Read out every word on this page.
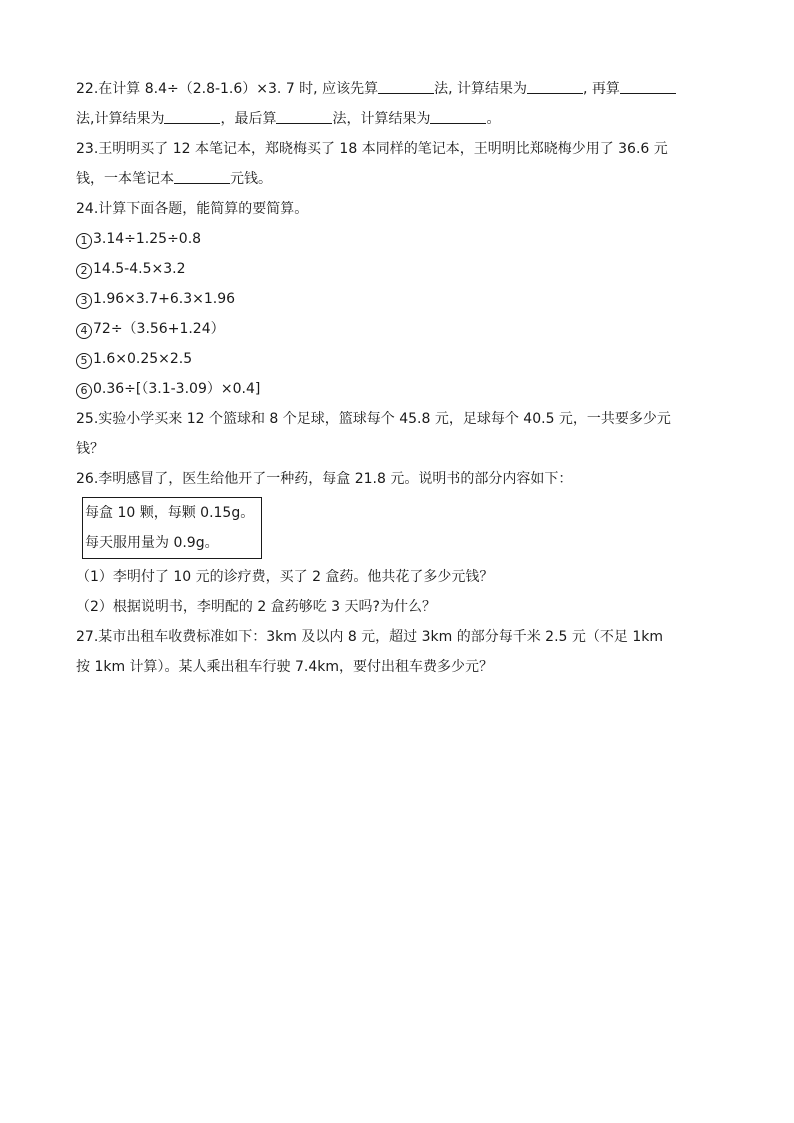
22.在计算 8.4÷（2.8-1.6）×3. 7 时, 应该先算	法, 计算结果为	, 再算
法,计算结果为	，最后算	法，计算结果为	。
23.王明明买了 12 本笔记本，郑晓梅买了 18 本同样的笔记本，王明明比郑晓梅少用了 36.6 元
钱，一本笔记本	元钱。
24.计算下面各题，能简算的要简算。
1 3.14÷1.25÷0.8
2 14.5-4.5×3.2
3 1.96×3.7+6.3×1.96
4 72÷（3.56+1.24）
5 1.6×0.25×2.5
6 0.36÷[（3.1-3.09）×0.4]
25.实验小学买来 12 个篮球和 8 个足球，篮球每个 45.8 元，足球每个 40.5 元，一共要多少元
钱？
26.李明感冒了，医生给他开了一种药，每盒 21.8 元。说明书的部分内容如下：
每盒 10 颗，每颗 0.15g。
每天服用量为 0.9g。
（1）李明付了 10 元的诊疗费，买了 2 盒药。他共花了多少元钱？
（2）根据说明书，李明配的 2 盒药够吃 3 天吗?为什么？
27.某市出租车收费标准如下：3km 及以内 8 元，超过 3km 的部分每千米 2.5 元（不足 1km
按 1km 计算）。某人乘出租车行驶 7.4km，要付出租车费多少元？
